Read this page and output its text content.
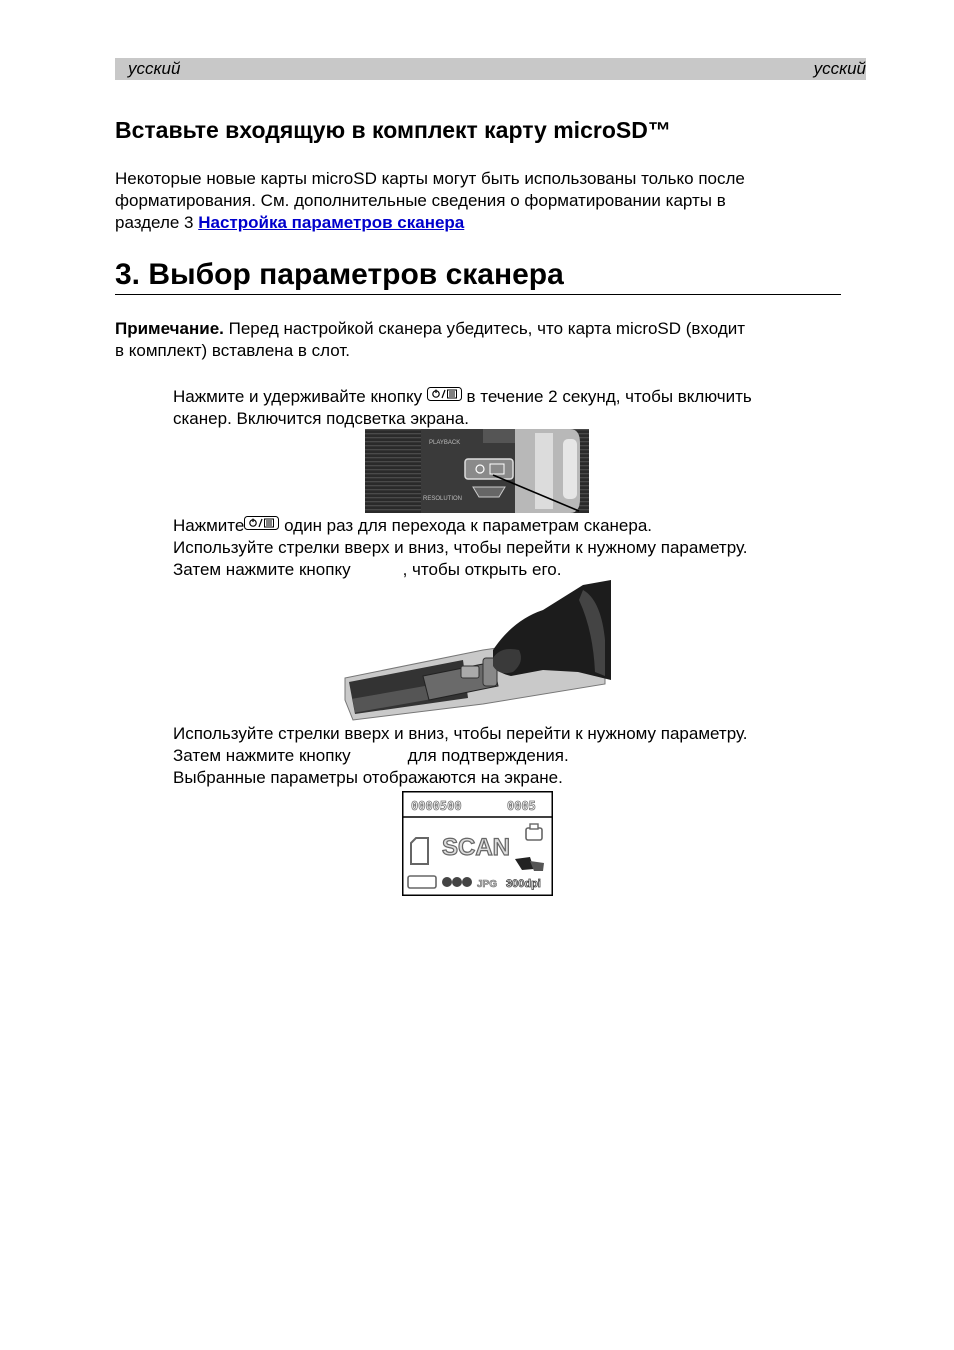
усский	усский
Вставьте входящую в комплект карту microSD™
Некоторые новые карты microSD карты могут быть использованы только после
форматирования. См. дополнительные сведения о форматировании карты в
разделе 3 Настройка параметров сканера
3. Выбор параметров сканера
Примечание. Перед настройкой сканера убедитесь, что карта microSD (входит
в комплект) вставлена в слот.
Нажмите и удерживайте кнопку  в течение 2 секунд, чтобы включить
сканер. Включится подсветка экрана.
PLAYBACK
RESOLUTION
Нажмите один раз для перехода к параметрам сканера.
Используйте стрелки вверх и вниз, чтобы перейти к нужному параметру.
Затем нажмите кнопку	, чтобы открыть его.
Используйте стрелки вверх и вниз, чтобы перейти к нужному параметру.
Затем нажмите кнопку	для подтверждения.
Выбранные параметры отображаются на экране.
0000500	0005
SCAN
JPG 300dpi
